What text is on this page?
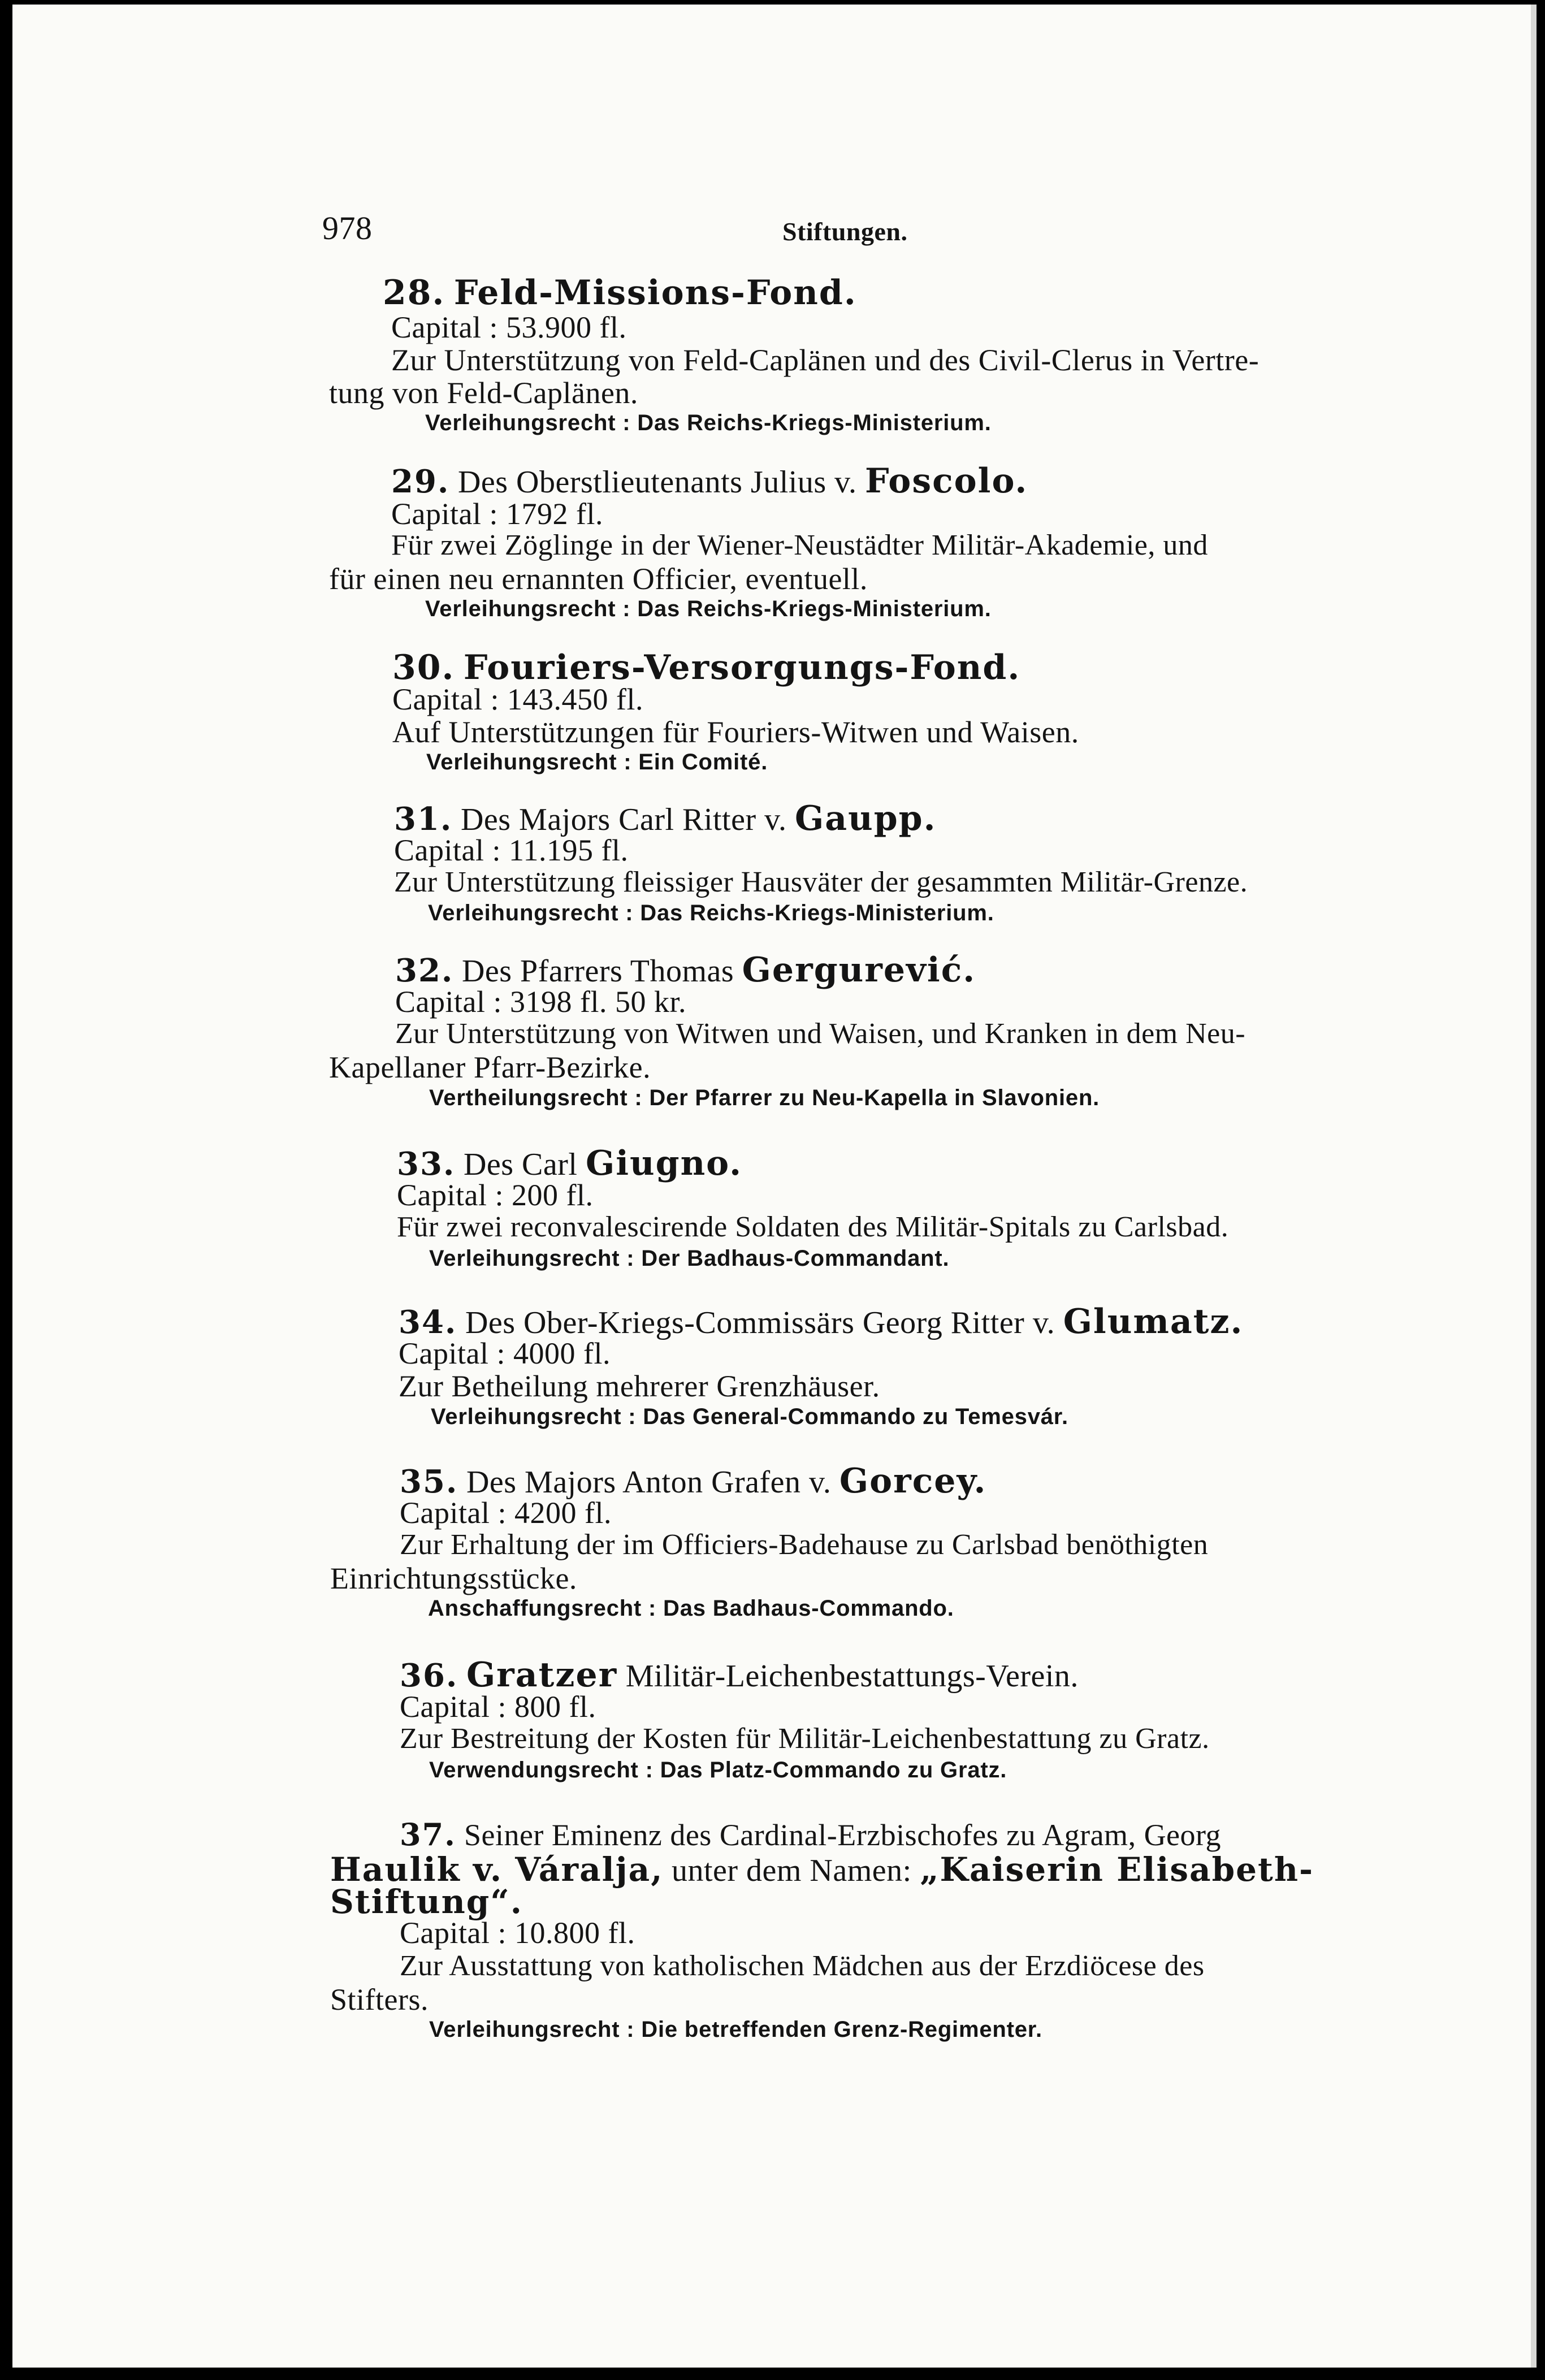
978	Stiftungen.
28. Feld-Missions-Fond.
Capital : 53.900 fl.
Zur Unterstützung von Feld-Caplänen und des Civil-Clerus in Vertre-
tung von Feld-Caplänen.
Verleihungsrecht : Das Reichs-Kriegs-Ministerium.
29. Des Oberstlieutenants Julius v. Foscolo.
Capital : 1792 fl.
Für zwei Zöglinge in der Wiener-Neustädter Militär-Akademie, und
für einen neu ernannten Officier, eventuell.
Verleihungsrecht : Das Reichs-Kriegs-Ministerium.
30. Fouriers-Versorgungs-Fond.
Capital : 143.450 fl.
Auf Unterstützungen für Fouriers-Witwen und Waisen.
Verleihungsrecht : Ein Comité.
31. Des Majors Carl Ritter v. Gaupp.
Capital : 11.195 fl.
Zur Unterstützung fleissiger Hausväter der gesammten Militär-Grenze.
Verleihungsrecht : Das Reichs-Kriegs-Ministerium.
32. Des Pfarrers Thomas Gergurević.
Capital : 3198 fl. 50 kr.
Zur Unterstützung von Witwen und Waisen, und Kranken in dem Neu-
Kapellaner Pfarr-Bezirke.
Vertheilungsrecht : Der Pfarrer zu Neu-Kapella in Slavonien.
33. Des Carl Giugno.
Capital : 200 fl.
Für zwei reconvalescirende Soldaten des Militär-Spitals zu Carlsbad.
Verleihungsrecht : Der Badhaus-Commandant.
34. Des Ober-Kriegs-Commissärs Georg Ritter v. Glumatz.
Capital : 4000 fl.
Zur Betheilung mehrerer Grenzhäuser.
Verleihungsrecht : Das General-Commando zu Temesvár.
35. Des Majors Anton Grafen v. Gorcey.
Capital : 4200 fl.
Zur Erhaltung der im Officiers-Badehause zu Carlsbad benöthigten
Einrichtungsstücke.
Anschaffungsrecht : Das Badhaus-Commando.
36. Gratzer Militär-Leichenbestattungs-Verein.
Capital : 800 fl.
Zur Bestreitung der Kosten für Militär-Leichenbestattung zu Gratz.
Verwendungsrecht : Das Platz-Commando zu Gratz.
37. Seiner Eminenz des Cardinal-Erzbischofes zu Agram, Georg
Haulik v. Váralja, unter dem Namen: „Kaiserin Elisabeth-
Stiftung“.
Capital : 10.800 fl.
Zur Ausstattung von katholischen Mädchen aus der Erzdiöcese des
Stifters.
Verleihungsrecht : Die betreffenden Grenz-Regimenter.
